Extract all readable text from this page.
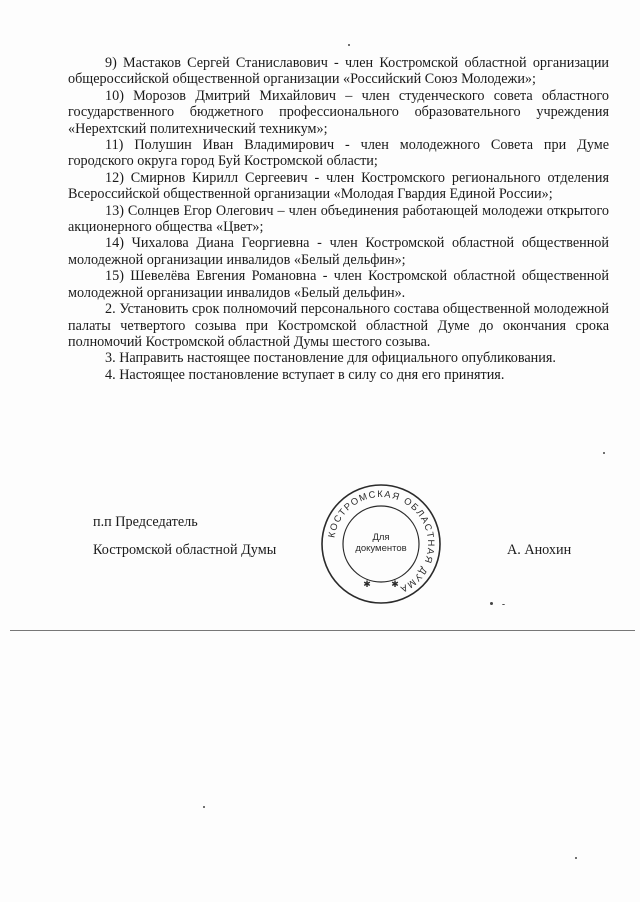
9) Мастаков Сергей Станиславович - член Костромской областной организации общероссийской общественной организации «Российский Союз Молодежи»;

10) Морозов Дмитрий Михайлович – член студенческого совета областного государственного бюджетного профессионального образовательного учреждения «Нерехтский политехнический техникум»;

11) Полушин Иван Владимирович - член молодежного Совета при Думе городского округа город Буй Костромской области;

12) Смирнов Кирилл Сергеевич - член Костромского регионального отделения Всероссийской общественной организации «Молодая Гвардия Единой России»;

13) Солнцев Егор Олегович – член объединения работающей молодежи открытого акционерного общества «Цвет»;

14) Чихалова Диана Георгиевна - член Костромской областной общественной молодежной организации инвалидов «Белый дельфин»;

15) Шевелёва Евгения Романовна - член Костромской областной общественной молодежной организации инвалидов «Белый дельфин».

2. Установить срок полномочий персонального состава общественной молодежной палаты четвертого созыва при Костромской областной Думе до окончания срока полномочий Костромской областной Думы шестого созыва.

3. Направить настоящее постановление для официального опубликования.

4. Настоящее постановление вступает в силу со дня его принятия.

п.п Председатель
Костромской областной Думы	А. Анохин
КОСТРОМСКАЯ ОБЛАСТНАЯ ДУМА
Для
документов
✱ ✱
